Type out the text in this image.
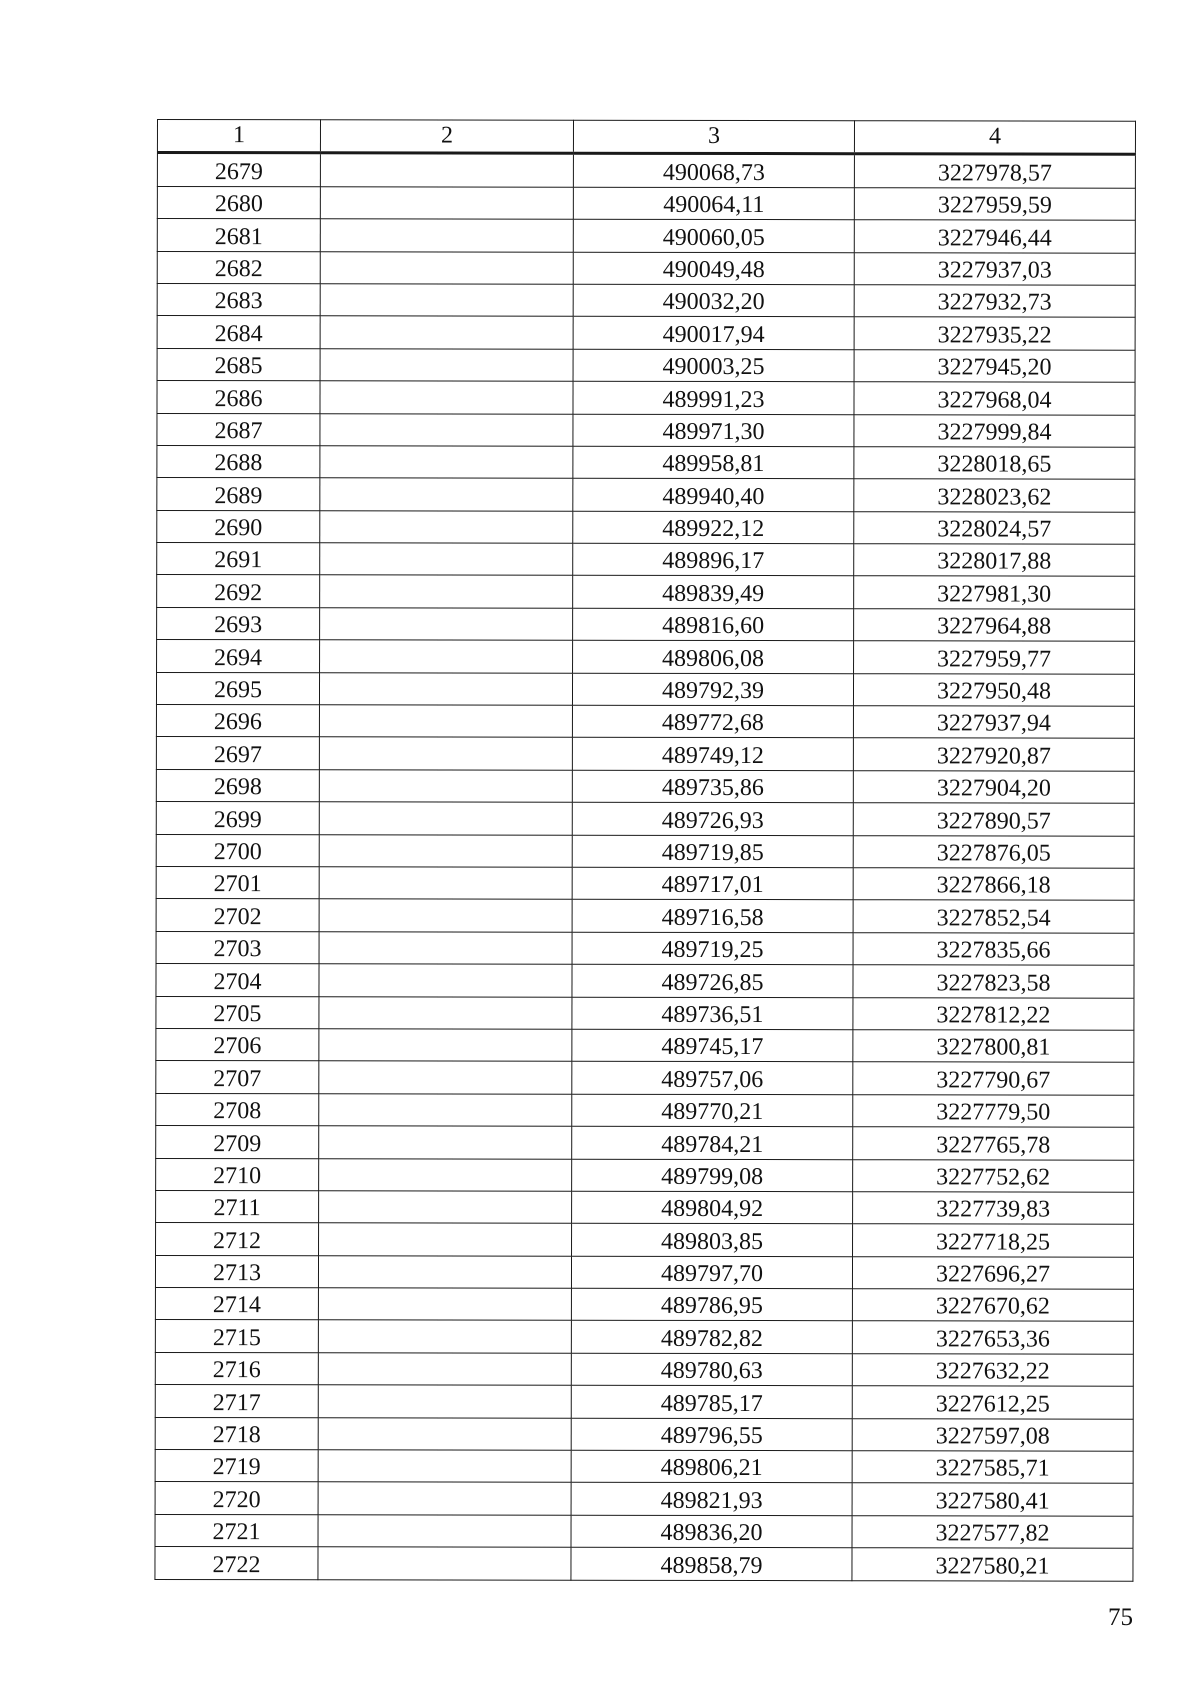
1	2	3	4
2679		490068,73	3227978,57
2680		490064,11	3227959,59
2681		490060,05	3227946,44
2682		490049,48	3227937,03
2683		490032,20	3227932,73
2684		490017,94	3227935,22
2685		490003,25	3227945,20
2686		489991,23	3227968,04
2687		489971,30	3227999,84
2688		489958,81	3228018,65
2689		489940,40	3228023,62
2690		489922,12	3228024,57
2691		489896,17	3228017,88
2692		489839,49	3227981,30
2693		489816,60	3227964,88
2694		489806,08	3227959,77
2695		489792,39	3227950,48
2696		489772,68	3227937,94
2697		489749,12	3227920,87
2698		489735,86	3227904,20
2699		489726,93	3227890,57
2700		489719,85	3227876,05
2701		489717,01	3227866,18
2702		489716,58	3227852,54
2703		489719,25	3227835,66
2704		489726,85	3227823,58
2705		489736,51	3227812,22
2706		489745,17	3227800,81
2707		489757,06	3227790,67
2708		489770,21	3227779,50
2709		489784,21	3227765,78
2710		489799,08	3227752,62
2711		489804,92	3227739,83
2712		489803,85	3227718,25
2713		489797,70	3227696,27
2714		489786,95	3227670,62
2715		489782,82	3227653,36
2716		489780,63	3227632,22
2717		489785,17	3227612,25
2718		489796,55	3227597,08
2719		489806,21	3227585,71
2720		489821,93	3227580,41
2721		489836,20	3227577,82
2722		489858,79	3227580,21
75
